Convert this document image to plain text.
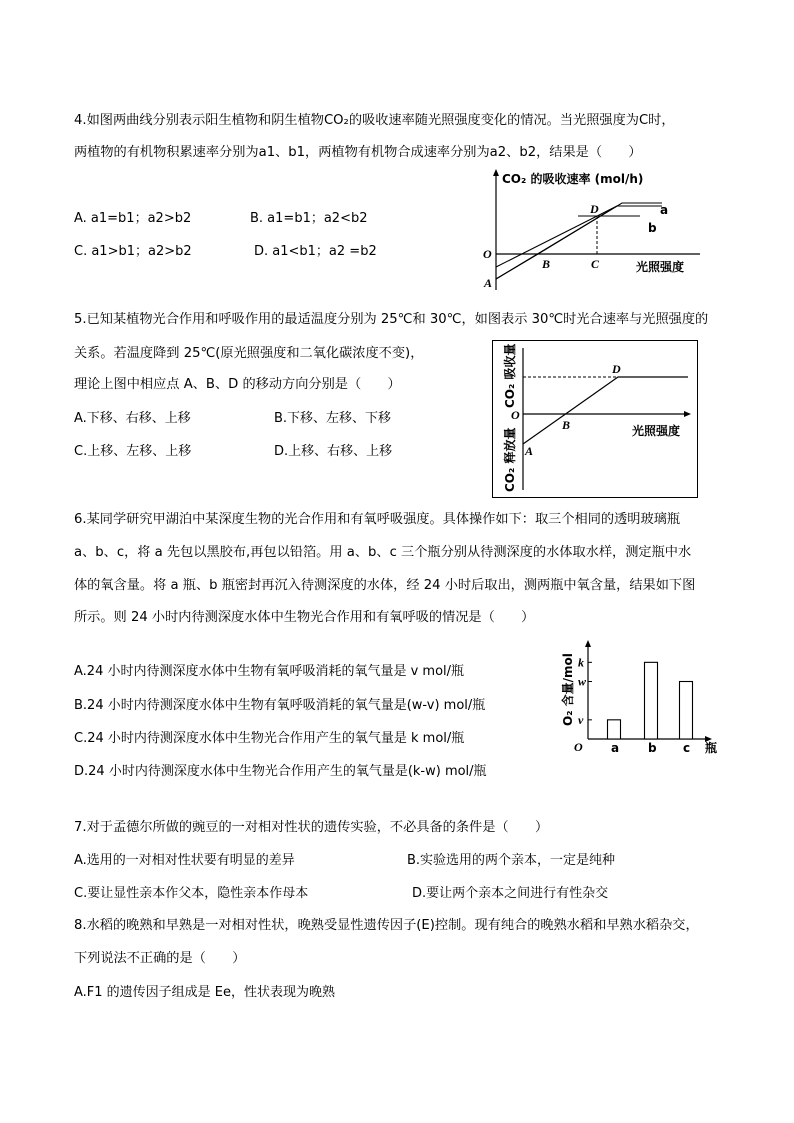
4.如图两曲线分别表示阳生植物和阴生植物CO₂的吸收速率随光照强度变化的情况。当光照强度为C时，
两植物的有机物积累速率分别为a1、b1，两植物有机物合成速率分别为a2、b2，结果是（　　）
A. a1=b1；a2>b2	B. a1=b1；a2<b2
C. a1>b1；a2>b2	D. a1<b1；a2 =b2
CO₂ 的吸收速率 (mol/h)
O
A
B	C
D	a
b
光照强度
5.已知某植物光合作用和呼吸作用的最适温度分别为 25℃和 30℃，如图表示 30℃时光合速率与光照强度的
关系。若温度降到 25℃(原光照强度和二氧化碳浓度不变)，
理论上图中相应点 A、B、D 的移动方向分别是（　　）
A.下移、右移、上移	B.下移、左移、下移
C.上移、左移、上移	D.上移、右移、上移
CO₂ 吸收量
CO₂ 释放量
O
A
B
D
光照强度
6.某同学研究甲湖泊中某深度生物的光合作用和有氧呼吸强度。具体操作如下：取三个相同的透明玻璃瓶
a、b、c，将 a 先包以黑胶布,再包以铅箔。用 a、b、c 三个瓶分别从待测深度的水体取水样，测定瓶中水
体的氧含量。将 a 瓶、b 瓶密封再沉入待测深度的水体，经 24 小时后取出，测两瓶中氧含量，结果如下图
所示。则 24 小时内待测深度水体中生物光合作用和有氧呼吸的情况是（　　）
A.24 小时内待测深度水体中生物有氧呼吸消耗的氧气量是 v mol/瓶
B.24 小时内待测深度水体中生物有氧呼吸消耗的氧气量是(w-v) mol/瓶
C.24 小时内待测深度水体中生物光合作用产生的氧气量是 k mol/瓶
D.24 小时内待测深度水体中生物光合作用产生的氧气量是(k-w) mol/瓶
O₂ 含量/mol
O	瓶
v
w
k
a b c
7.对于孟德尔所做的豌豆的一对相对性状的遗传实验，不必具备的条件是（　　）
A.选用的一对相对性状要有明显的差异	B.实验选用的两个亲本，一定是纯种
C.要让显性亲本作父本，隐性亲本作母本	D.要让两个亲本之间进行有性杂交
8.水稻的晚熟和早熟是一对相对性状，晚熟受显性遗传因子(E)控制。现有纯合的晚熟水稻和早熟水稻杂交，
下列说法不正确的是（　　）
A.F1 的遗传因子组成是 Ee，性状表现为晚熟
